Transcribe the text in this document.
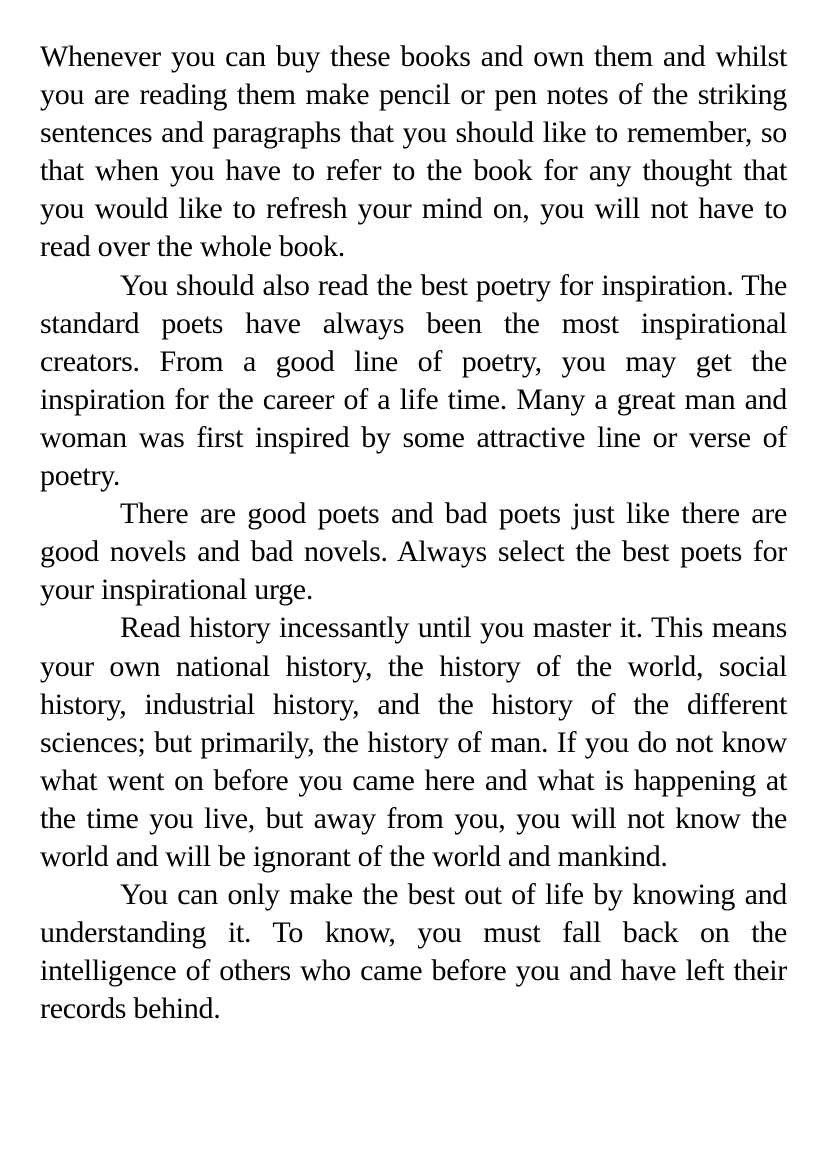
Whenever you can buy these books and own them and whilst you are reading them make pencil or pen notes of the striking sentences and paragraphs that you should like to remember, so that when you have to refer to the book for any thought that you would like to refresh your mind on, you will not have to read over the whole book.

You should also read the best poetry for inspiration. The standard poets have always been the most inspirational creators. From a good line of poetry, you may get the inspiration for the career of a life time. Many a great man and woman was first inspired by some attractive line or verse of poetry.

There are good poets and bad poets just like there are good novels and bad novels. Always select the best poets for your inspirational urge.

Read history incessantly until you master it. This means your own national history, the history of the world, social history, industrial history, and the history of the different sciences; but primarily, the history of man. If you do not know what went on before you came here and what is happening at the time you live, but away from you, you will not know the world and will be ignorant of the world and mankind.

You can only make the best out of life by knowing and understanding it. To know, you must fall back on the intelligence of others who came before you and have left their records behind.
